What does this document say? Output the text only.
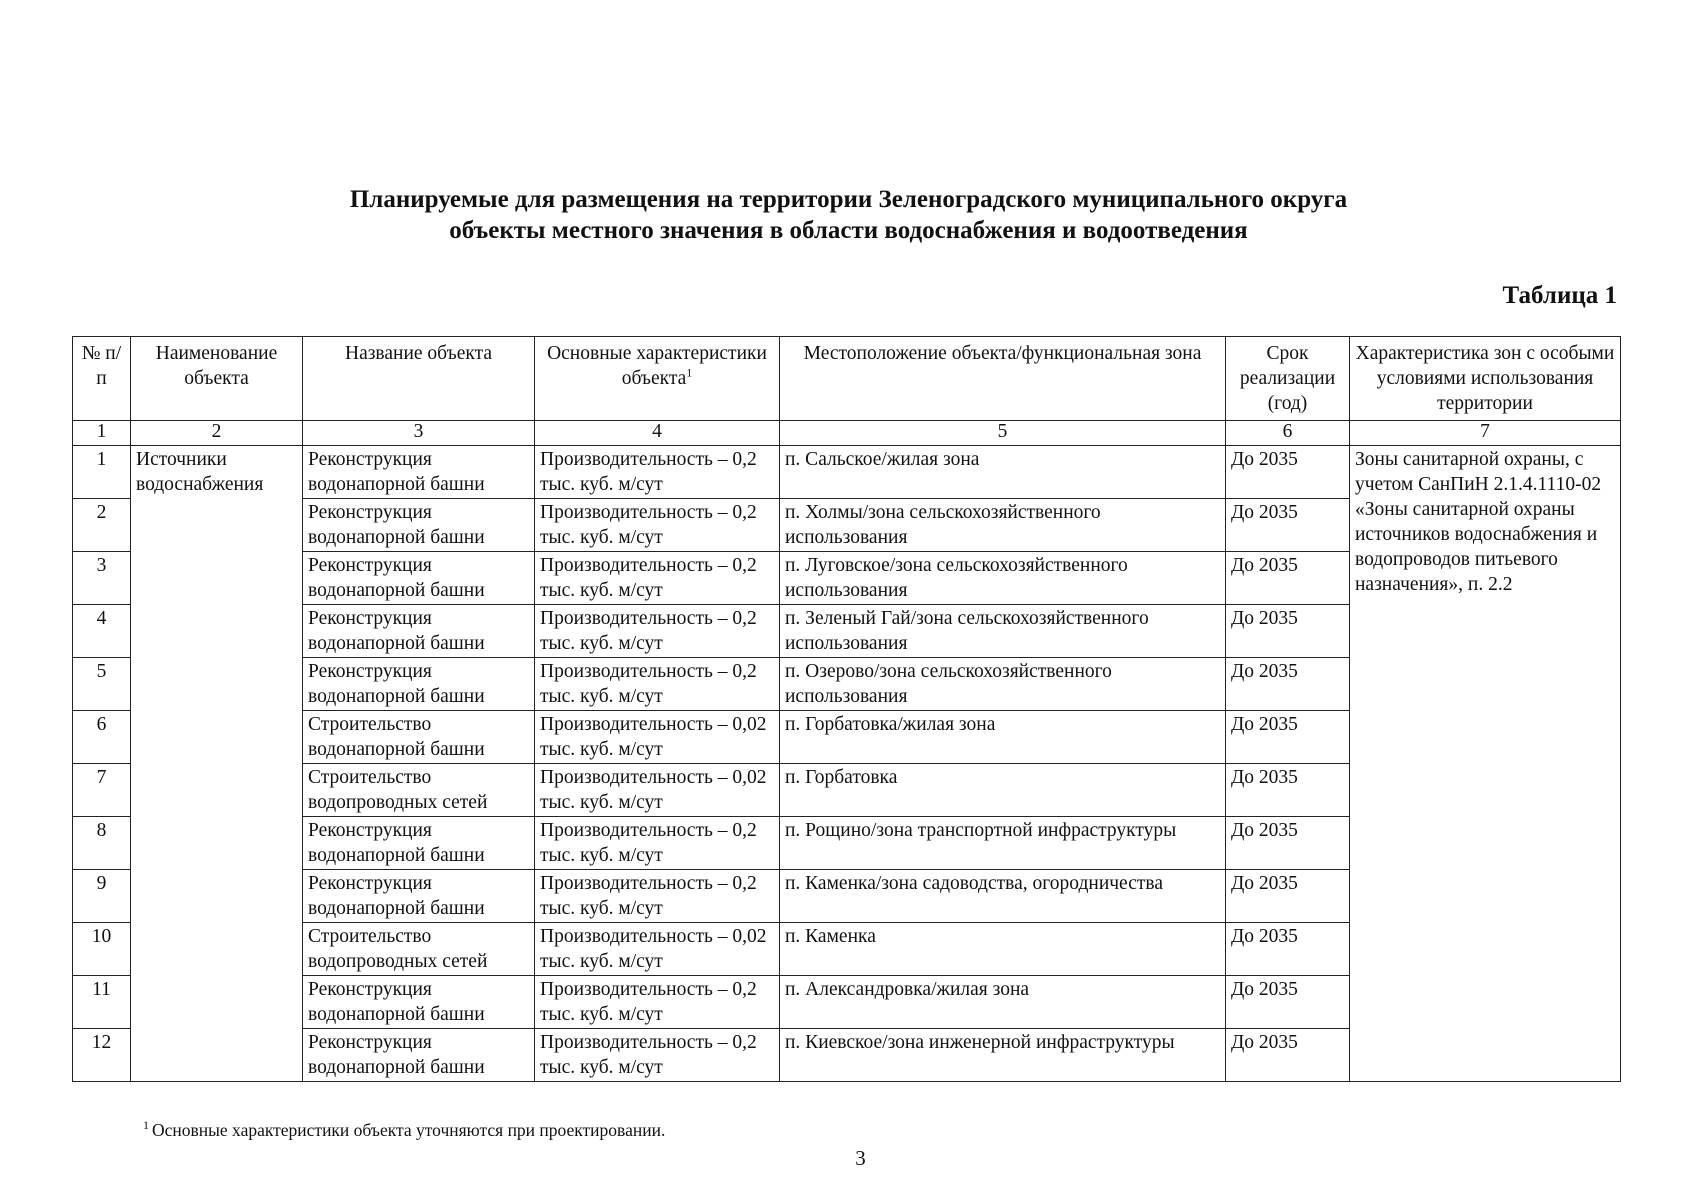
Планируемые для размещения на территории Зеленоградского муниципального округа
объекты местного значения в области водоснабжения и водоотведения
Таблица 1
№ п/п	Наименование объекта	Название объекта	Основные характеристики объекта$^1$	Местоположение объекта/функциональная зона	Срок реализации (год)	Характеристика зон с особыми условиями использования территории
1	2	3	4	5	6	7
1	Источники водоснабжения	Реконструкция водонапорной башни	Производительность – 0,2 тыс. куб. м/сут	п. Сальское/жилая зона	До 2035	Зоны санитарной охраны, с учетом СанПиН 2.1.4.1110-02 «Зоны санитарной охраны источников водоснабжения и водопроводов питьевого назначения», п. 2.2
2		Реконструкция водонапорной башни	Производительность – 0,2 тыс. куб. м/сут	п. Холмы/зона сельскохозяйственного использования	До 2035	
3		Реконструкция водонапорной башни	Производительность – 0,2 тыс. куб. м/сут	п. Луговское/зона сельскохозяйственного использования	До 2035	
4		Реконструкция водонапорной башни	Производительность – 0,2 тыс. куб. м/сут	п. Зеленый Гай/зона сельскохозяйственного использования	До 2035	
5		Реконструкция водонапорной башни	Производительность – 0,2 тыс. куб. м/сут	п. Озерово/зона сельскохозяйственного использования	До 2035	
6		Строительство водонапорной башни	Производительность – 0,02 тыс. куб. м/сут	п. Горбатовка/жилая зона	До 2035	
7		Строительство водопроводных сетей	Производительность – 0,02 тыс. куб. м/сут	п. Горбатовка	До 2035	
8		Реконструкция водонапорной башни	Производительность – 0,2 тыс. куб. м/сут	п. Рощино/зона транспортной инфраструктуры	До 2035	
9		Реконструкция водонапорной башни	Производительность – 0,2 тыс. куб. м/сут	п. Каменка/зона садоводства, огородничества	До 2035	
10		Строительство водопроводных сетей	Производительность – 0,02 тыс. куб. м/сут	п. Каменка	До 2035	
11		Реконструкция водонапорной башни	Производительность – 0,2 тыс. куб. м/сут	п. Александровка/жилая зона	До 2035	
12		Реконструкция водонапорной башни	Производительность – 0,2 тыс. куб. м/сут	п. Киевское/зона инженерной инфраструктуры	До 2035	
$^1$ Основные характеристики объекта уточняются при проектировании.
3
